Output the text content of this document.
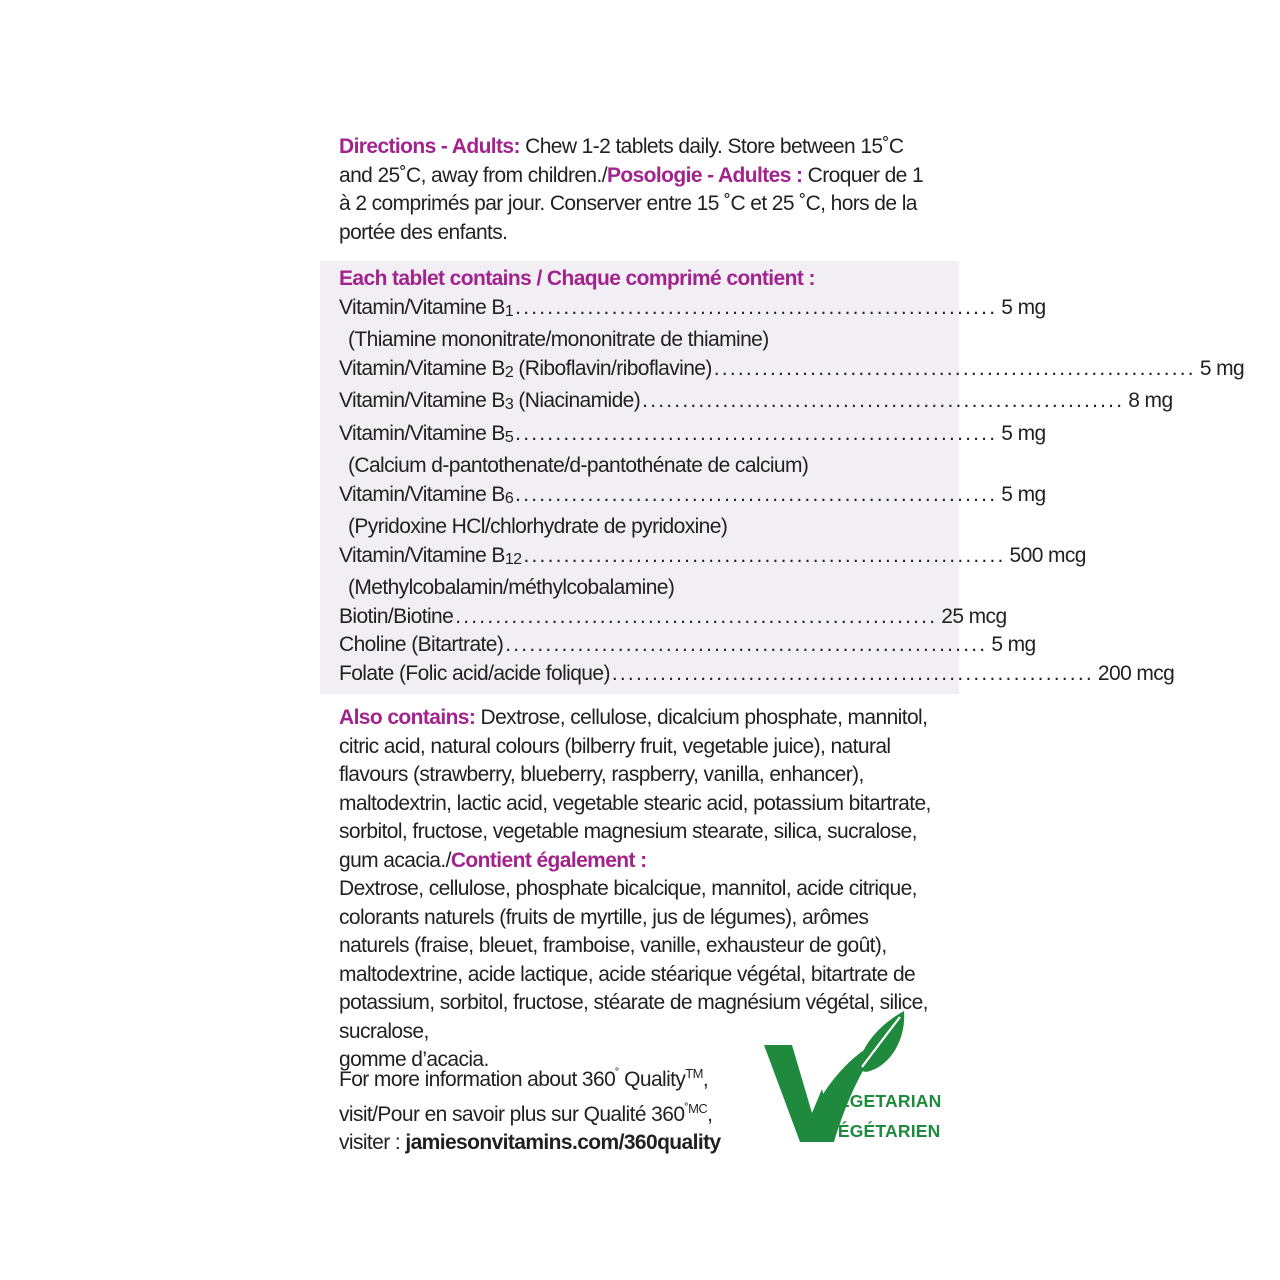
Directions - Adults: Chew 1-2 tablets daily. Store between 15˚C and 25˚C, away from children./Posologie - Adultes : Croquer de 1 à 2 comprimés par jour. Conserver entre 15 ˚C et 25 ˚C, hors de la portée des enfants.

Each tablet contains / Chaque comprimé contient :
Vitamin/Vitamine B1 ............................................................ 5 mg
(Thiamine mononitrate/mononitrate de thiamine)
Vitamin/Vitamine B2 (Riboflavin/riboflavine) ............................................................ 5 mg
Vitamin/Vitamine B3 (Niacinamide) ............................................................ 8 mg
Vitamin/Vitamine B5 ............................................................ 5 mg
(Calcium d-pantothenate/d-pantothénate de calcium)
Vitamin/Vitamine B6 ............................................................ 5 mg
(Pyridoxine HCl/chlorhydrate de pyridoxine)
Vitamin/Vitamine B12 ............................................................ 500 mcg
(Methylcobalamin/méthylcobalamine)
Biotin/Biotine ............................................................ 25 mcg
Choline (Bitartrate) ............................................................ 5 mg
Folate (Folic acid/acide folique) ............................................................ 200 mcg

Also contains: Dextrose, cellulose, dicalcium phosphate, mannitol, citric acid, natural colours (bilberry fruit, vegetable juice), natural flavours (strawberry, blueberry, raspberry, vanilla, enhancer), maltodextrin, lactic acid, vegetable stearic acid, potassium bitartrate, sorbitol, fructose, vegetable magnesium stearate, silica, sucralose, gum acacia./Contient également :

Dextrose, cellulose, phosphate bicalcique, mannitol, acide citrique, colorants naturels (fruits de myrtille, jus de légumes), arômes naturels (fraise, bleuet, framboise, vanille, exhausteur de goût), maltodextrine, acide lactique, acide stéarique végétal, bitartrate de potassium, sorbitol, fructose, stéarate de magnésium végétal, silice, sucralose,
gomme d’acacia.

For more information about 360˚ Quality™,
visit/Pour en savoir plus sur Qualité $360^{˚MC}$,
visiter : jamiesonvitamins.com/360quality
VEGETARIAN
VÉGÉTARIEN
